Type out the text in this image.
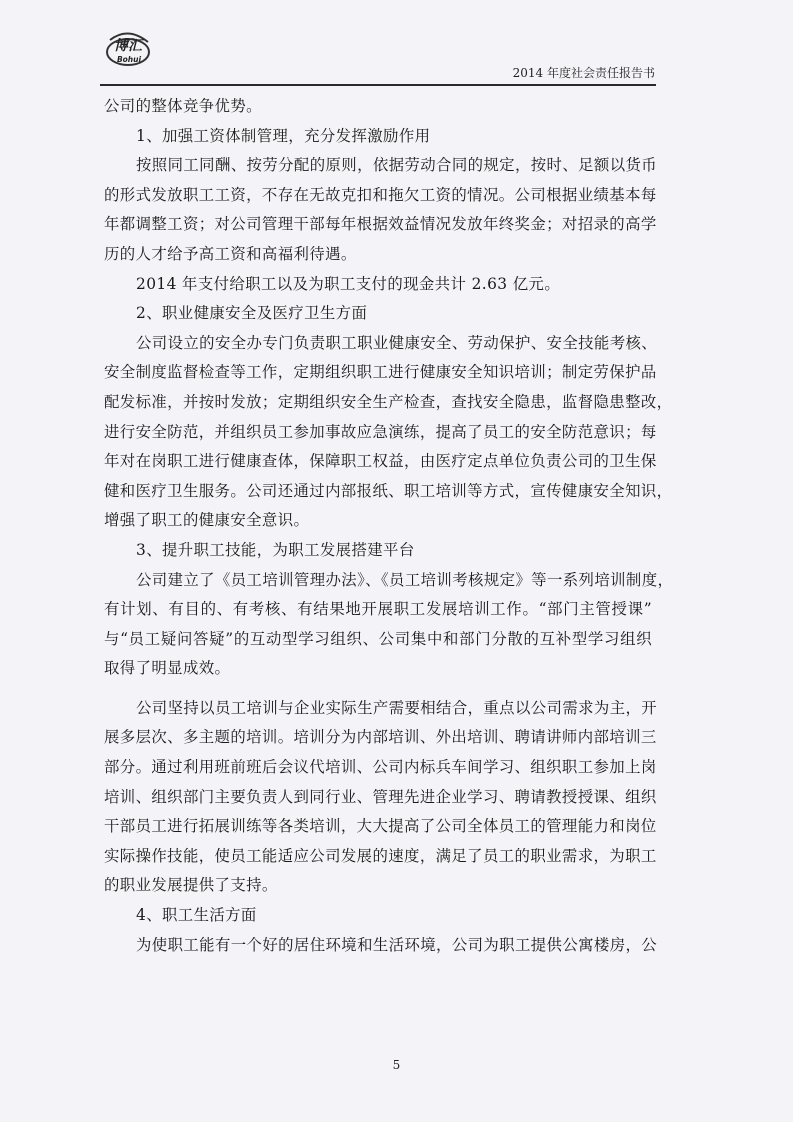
博汇
Bohui
2014 年度社会责任报告书
公司的整体竞争优势。
1、加强工资体制管理，充分发挥激励作用
按照同工同酬、按劳分配的原则，依据劳动合同的规定，按时、足额以货币
的形式发放职工工资，不存在无故克扣和拖欠工资的情况。公司根据业绩基本每
年都调整工资；对公司管理干部每年根据效益情况发放年终奖金；对招录的高学
历的人才给予高工资和高福利待遇。
2014 年支付给职工以及为职工支付的现金共计 2.63 亿元。
2、职业健康安全及医疗卫生方面
公司设立的安全办专门负责职工职业健康安全、劳动保护、安全技能考核、
安全制度监督检查等工作，定期组织职工进行健康安全知识培训；制定劳保护品
配发标准，并按时发放；定期组织安全生产检查，查找安全隐患，监督隐患整改，
进行安全防范，并组织员工参加事故应急演练，提高了员工的安全防范意识；每
年对在岗职工进行健康查体，保障职工权益，由医疗定点单位负责公司的卫生保
健和医疗卫生服务。公司还通过内部报纸、职工培训等方式，宣传健康安全知识，
增强了职工的健康安全意识。
3、提升职工技能，为职工发展搭建平台
公司建立了《员工培训管理办法》、《员工培训考核规定》等一系列培训制度，
有计划、有目的、有考核、有结果地开展职工发展培训工作。“部门主管授课”
与“员工疑问答疑”的互动型学习组织、公司集中和部门分散的互补型学习组织
取得了明显成效。
公司坚持以员工培训与企业实际生产需要相结合，重点以公司需求为主，开
展多层次、多主题的培训。培训分为内部培训、外出培训、聘请讲师内部培训三
部分。通过利用班前班后会议代培训、公司内标兵车间学习、组织职工参加上岗
培训、组织部门主要负责人到同行业、管理先进企业学习、聘请教授授课、组织
干部员工进行拓展训练等各类培训，大大提高了公司全体员工的管理能力和岗位
实际操作技能，使员工能适应公司发展的速度，满足了员工的职业需求，为职工
的职业发展提供了支持。
4、职工生活方面
为使职工能有一个好的居住环境和生活环境，公司为职工提供公寓楼房，公
5
